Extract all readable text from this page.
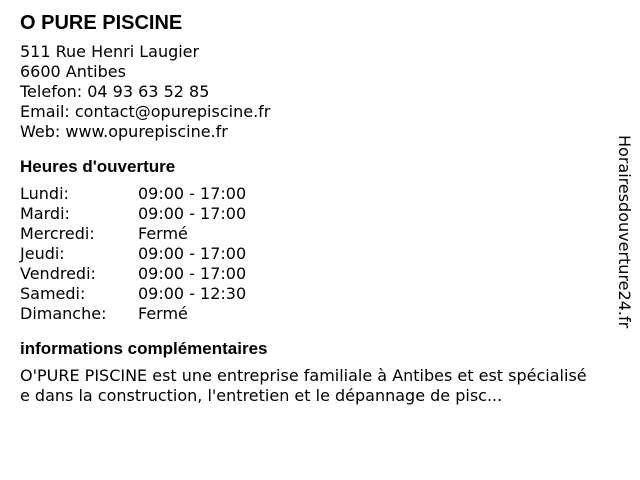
O PURE PISCINE
511 Rue Henri Laugier
6600 Antibes
Telefon: 04 93 63 52 85
Email: contact@opurepiscine.fr
Web: www.opurepiscine.fr
Heures d'ouverture
Lundi:	09:00 - 17:00
Mardi:	09:00 - 17:00
Mercredi:	Fermé
Jeudi:	09:00 - 17:00
Vendredi:	09:00 - 17:00
Samedi:	09:00 - 12:30
Dimanche:	Fermé
informations complémentaires
O'PURE PISCINE est une entreprise familiale à Antibes et est spécialisée dans la construction, l'entretien et le dépannage de pisc...
Horairesdouverture24.fr
